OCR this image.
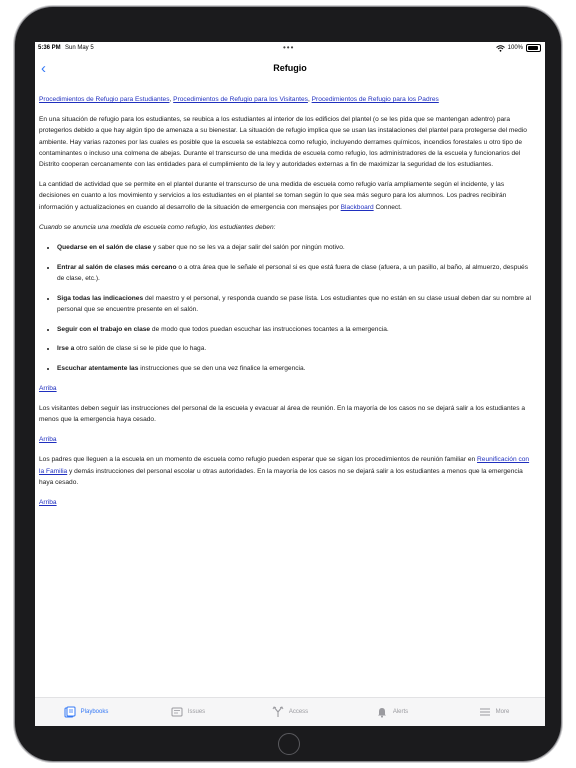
5:36 PM Sun May 5	•••	100%
‹	Refugio

Procedimientos de Refugio para Estudiantes, Procedimientos de Refugio para los Visitantes, Procedimientos de Refugio para los Padres

En una situación de refugio para los estudiantes, se reubica a los estudiantes al interior de los edificios del plantel (o se les pida que se mantengan adentro) para protegerlos debido a que hay algún tipo de amenaza a su bienestar. La situación de refugio implica que se usan las instalaciones del plantel para protegerse del medio ambiente. Hay varias razones por las cuales es posible que la escuela se establezca como refugio, incluyendo derrames químicos, incendios forestales u otro tipo de contaminantes o incluso una colmena de abejas. Durante el transcurso de una medida de escuela como refugio, los administradores de la escuela y funcionarios del Distrito cooperan cercanamente con las entidades para el cumplimiento de la ley y autoridades externas a fin de maximizar la seguridad de los estudiantes.

La cantidad de actividad que se permite en el plantel durante el transcurso de una medida de escuela como refugio varía ampliamente según el incidente, y las decisiones en cuanto a los movimiento y servicios a los estudiantes en el plantel se toman según lo que sea más seguro para los alumnos. Los padres recibirán información y actualizaciones en cuando al desarrollo de la situación de emergencia con mensajes por Blackboard Connect.

Cuando se anuncia una medida de escuela como refugio, los estudiantes deben:

• Quedarse en el salón de clase y saber que no se les va a dejar salir del salón por ningún motivo.
• Entrar al salón de clases más cercano o a otra área que le señale el personal si es que está fuera de clase (afuera, a un pasillo, al baño, al almuerzo, después de clase, etc.).
• Siga todas las indicaciones del maestro y el personal, y responda cuando se pase lista. Los estudiantes que no están en su clase usual deben dar su nombre al personal que se encuentre presente en el salón.
• Seguir con el trabajo en clase de modo que todos puedan escuchar las instrucciones tocantes a la emergencia.
• Irse a otro salón de clase si se le pide que lo haga.
• Escuchar atentamente las instrucciones que se den una vez finalice la emergencia.

Arriba

Los visitantes deben seguir las instrucciones del personal de la escuela y evacuar al área de reunión. En la mayoría de los casos no se dejará salir a los estudiantes a menos que la emergencia haya cesado.

Arriba

Los padres que lleguen a la escuela en un momento de escuela como refugio pueden esperar que se sigan los procedimientos de reunión familiar en Reunificación con la Familia y demás instrucciones del personal escolar u otras autoridades. En la mayoría de los casos no se dejará salir a los estudiantes a menos que la emergencia haya cesado.

Arriba

Playbooks	Issues	Access	Alerts	More
